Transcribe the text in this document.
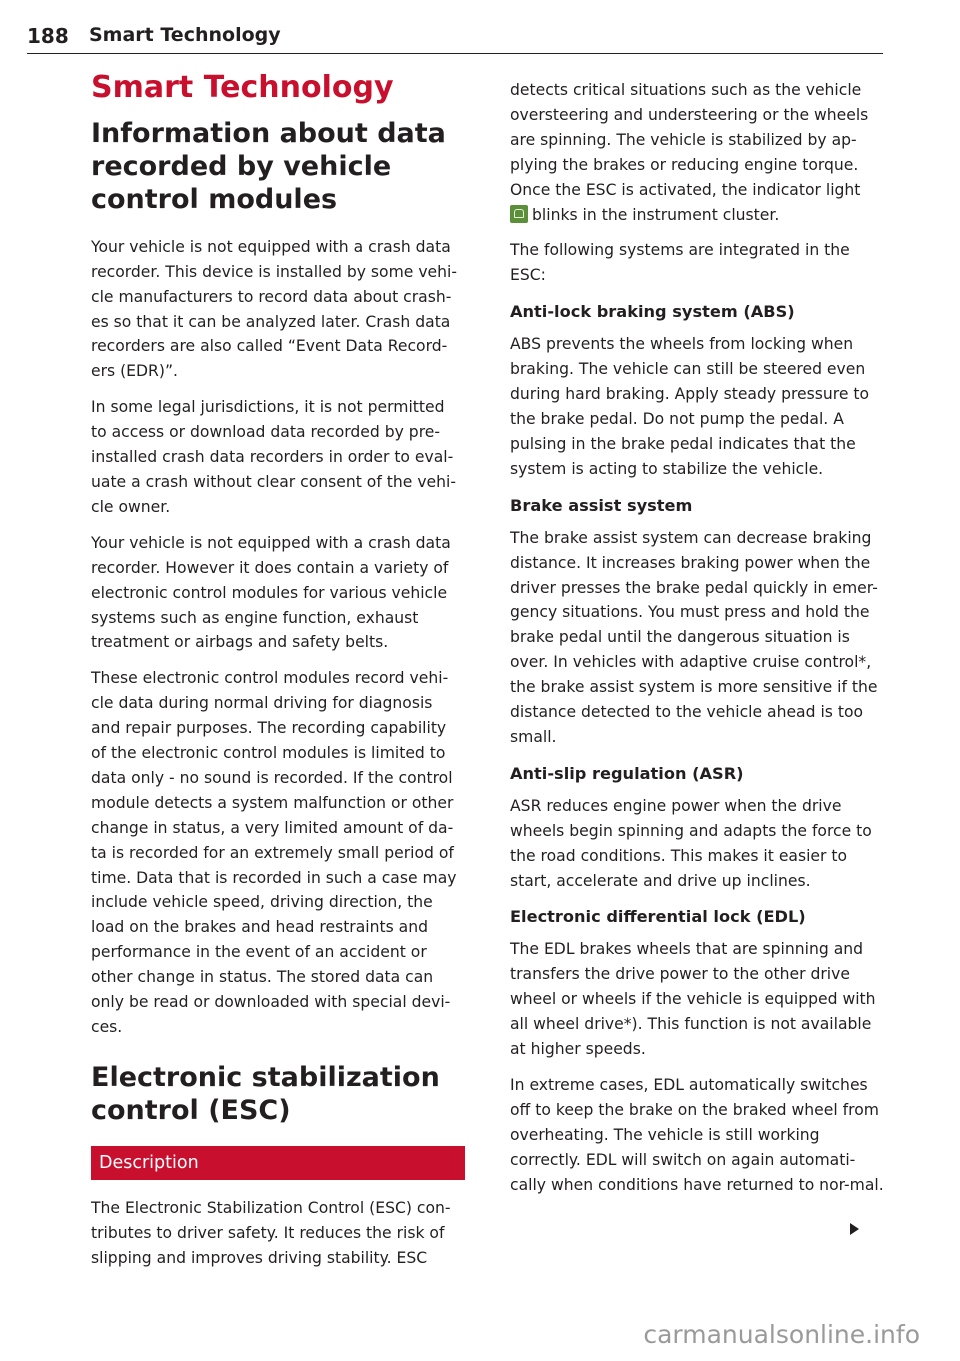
188 Smart Technology
Smart Technology
Information about data recorded by vehicle control modules

Your vehicle is not equipped with a crash data recorder. This device is installed by some vehi-cle manufacturers to record data about crash-es so that it can be analyzed later. Crash data recorders are also called “Event Data Record-ers (EDR)”.

In some legal jurisdictions, it is not permitted to access or download data recorded by pre-installed crash data recorders in order to eval-uate a crash without clear consent of the vehi-cle owner.

Your vehicle is not equipped with a crash data recorder. However it does contain a variety of electronic control modules for various vehicle systems such as engine function, exhaust treatment or airbags and safety belts.

These electronic control modules record vehi-cle data during normal driving for diagnosis and repair purposes. The recording capability of the electronic control modules is limited to data only - no sound is recorded. If the control module detects a system malfunction or other change in status, a very limited amount of da-ta is recorded for an extremely small period of time. Data that is recorded in such a case may include vehicle speed, driving direction, the load on the brakes and head restraints and performance in the event of an accident or other change in status. The stored data can only be read or downloaded with special devi-ces.

Electronic stabilization control (ESC)
Description

The Electronic Stabilization Control (ESC) con-tributes to driver safety. It reduces the risk of slipping and improves driving stability. ESC

detects critical situations such as the vehicle oversteering and understeering or the wheels are spinning. The vehicle is stabilized by ap-plying the brakes or reducing engine torque. Once the ESC is activated, the indicator light blinks in the instrument cluster.

The following systems are integrated in the ESC:

Anti-lock braking system (ABS)

ABS prevents the wheels from locking when braking. The vehicle can still be steered even during hard braking. Apply steady pressure to the brake pedal. Do not pump the pedal. A pulsing in the brake pedal indicates that the system is acting to stabilize the vehicle.

Brake assist system

The brake assist system can decrease braking distance. It increases braking power when the driver presses the brake pedal quickly in emer-gency situations. You must press and hold the brake pedal until the dangerous situation is over. In vehicles with adaptive cruise control*, the brake assist system is more sensitive if the distance detected to the vehicle ahead is too small.

Anti-slip regulation (ASR)

ASR reduces engine power when the drive wheels begin spinning and adapts the force to the road conditions. This makes it easier to start, accelerate and drive up inclines.

Electronic differential lock (EDL)

The EDL brakes wheels that are spinning and transfers the drive power to the other drive wheel or wheels if the vehicle is equipped with all wheel drive*). This function is not available at higher speeds.

In extreme cases, EDL automatically switches off to keep the brake on the braked wheel from overheating. The vehicle is still working correctly. EDL will switch on again automati-cally when conditions have returned to nor-mal.

carmanualsonline.info
